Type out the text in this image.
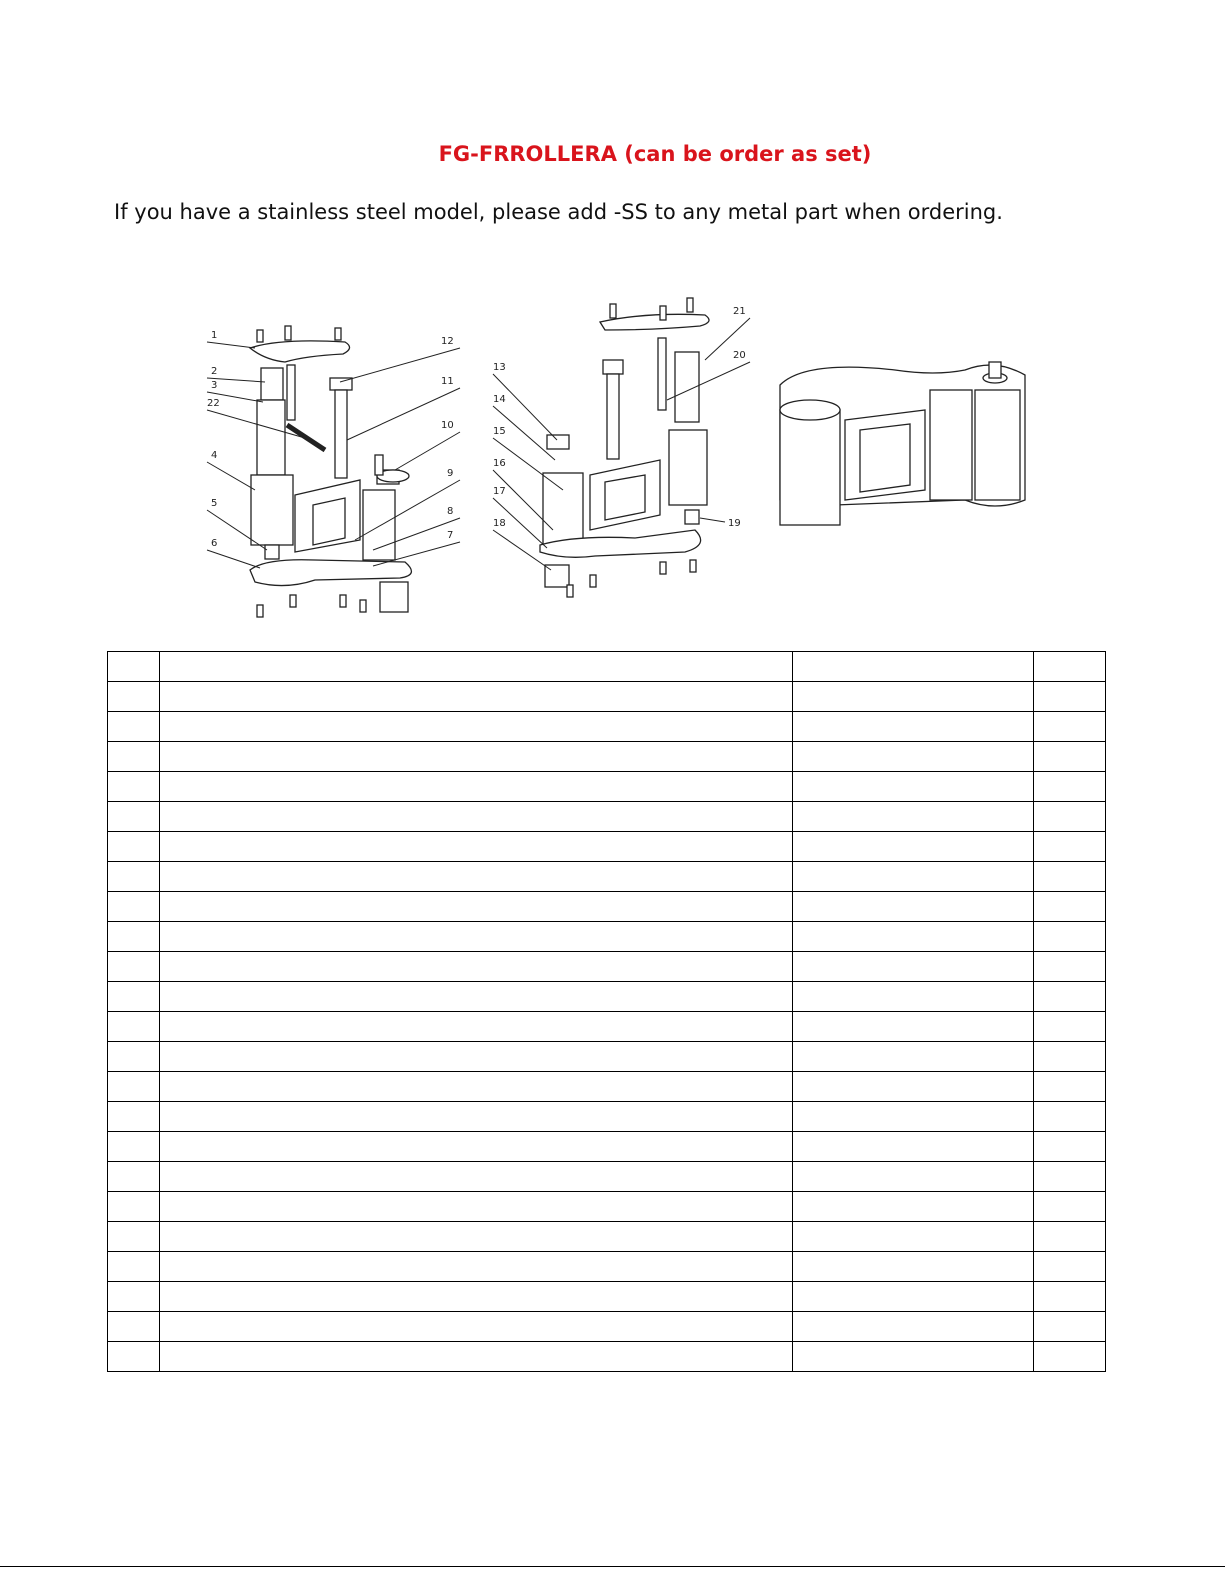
FG-FRROLLERA (can be order as set)
If you have a stainless steel model, please add -SS to any metal part when ordering.
1
2
3
22
4
5
6
12
11
10
9
8
7
13
14
15
16
17
18
21
20
19
